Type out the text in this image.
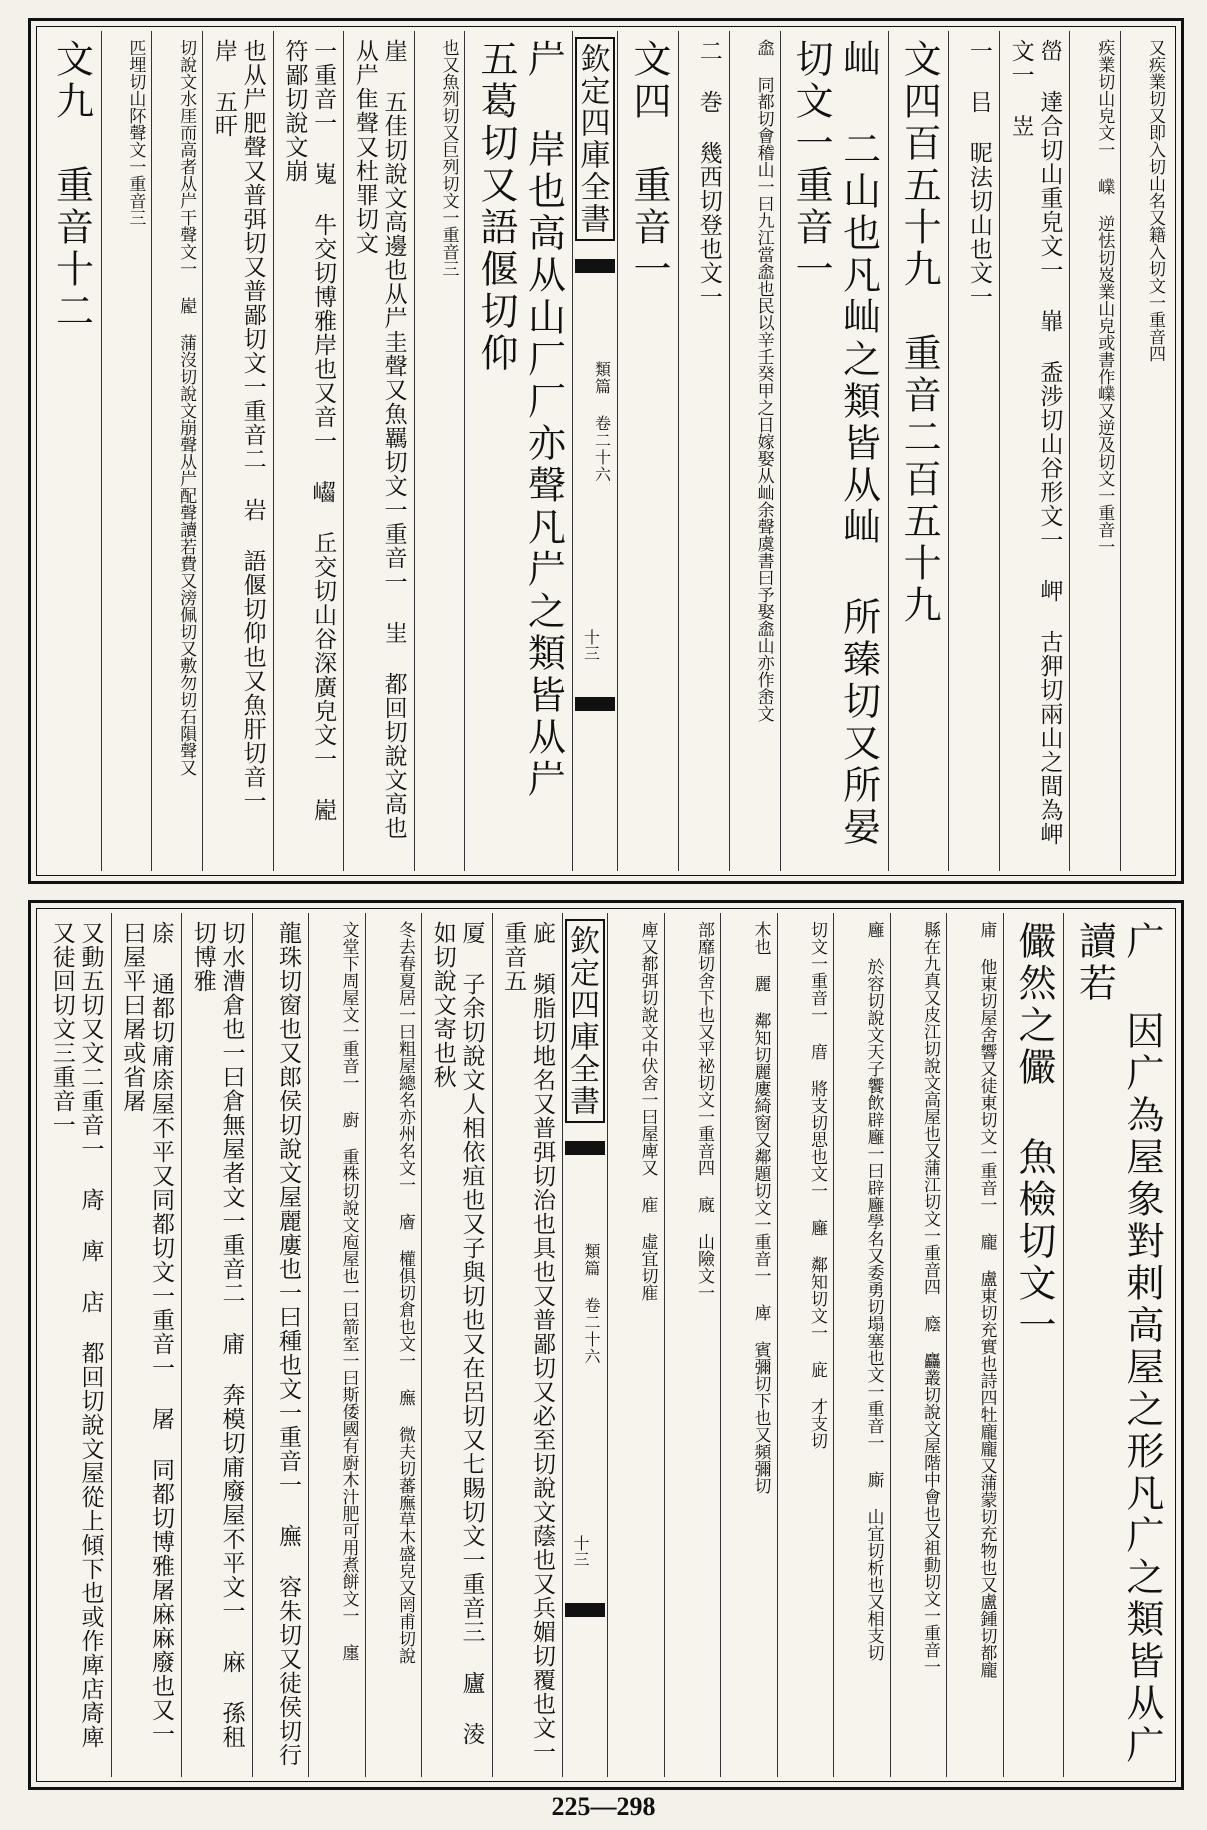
又疾業切又即入切山名又籍入切文一重音四
疾業切山皃文一 嶫 逆怯切岌業山皃或書作嶫又逆及切文一重音一
嵤 達合切山重皃文一 㠑 盉涉切山谷形文一 岬 古狎切兩山之間為岬文一 岦
一 㠯 昵法切山也文一
文四百五十九　重音二百五十九
屾 二山也凡屾之類皆从屾 所臻切又所晏切文一重音一
嵞 同都切會稽山一曰九江當嵞也民以辛壬癸甲之日嫁娶从屾余聲虞書曰予娶嵞山亦作峹文
二 巻 幾西切登也文一
文四　重音一
欽定四庫全書
類篇 卷二十六
十三
屵 岸也高从山厂厂亦聲凡屵之類皆从屵 五葛切又語偃切仰
也又魚列切又巨列切文一重音三
崖 五佳切說文高邊也从屵圭聲又魚羈切文一重音一 㞷 都回切說文高也从屵隹聲又杜罪切文
一重音一 嵬 牛交切博雅岸也又音一 𡿖 丘交切山谷深廣皃文一 嶏 符鄙切說文崩
也从屵肥聲又普弭切又普鄙切文一重音二 岩 語偃切仰也又魚肝切音一 岸 五旰
切說文水厓而高者从屵干聲文一 嶏 蒲沒切說文崩聲从屵配聲讀若費又滂佩切又敷勿切石隕聲又
匹埋切山阫聲文一重音三
文九　重音十二
广 因广為屋象對剌高屋之形凡广之類皆从广讀若
儼然之儼 魚檢切文一
庯 他東切屋舍響又徒東切文一重音一 龐 盧東切充實也詩四牡龐龐又蒲蒙切充物也又盧鍾切都龐
縣在九真又皮江切說文高屋也又蒲江切文一重音四 廕 麤叢切說文屋階中會也又祖動切文一重音一
廱 於容切說文天子饗飲辟廱一曰辟廱學名又委勇切塌塞也文一重音一 廝 山宜切析也又相支切
切文一重音一 庴 將支切思也文一 廱 鄰知切文一 庛 才支切
木也 麗 鄰知切麗廔綺窗又鄰題切文一重音一 庳 賓彌切下也又頻彌切
部靡切舍下也又平祕切文一重音四 廐 山險文一
庳又都弭切說文中伏舍一曰屋庳又 㢈 虛宜切㢈
欽定四庫全書
類篇 卷二十六
十三
庛 頻脂切地名又普弭切治也具也又普鄙切又必至切說文蔭也又兵媚切覆也文一重音五
厦 子余切說文人相依疽也又子與切也又在呂切又七賜切文一重音三 廬 淩如切說文寄也秋
冬去春夏居一曰粗屋總名亦州名文一 廥 權俱切倉也文一 廡 微夫切蕃廡草木盛皃又罔甫切說
文堂下周屋文一重音一 廚 重株切說文庖屋也一曰箭室一曰斯倭國有廚木汁肥可用煮餅文一 廛
龍珠切窗也又郎侯切說文屋麗廔也一曰種也文一重音一 廡 容朱切又徒侯切行
切水漕倉也一曰倉無屋者文一重音二 庯 奔模切庯廢屋不平文一 麻 孫租切博雅
庩 通都切庯庩屋不平又同都切文一重音一 屠 同都切博雅屠麻麻廢也又一曰屋平曰屠或省屠
又動五切又文二重音一 㢊 庳 店 都回切說文屋從上傾下也或作庳店㢊庳又徒回切文三重音一
225—298
